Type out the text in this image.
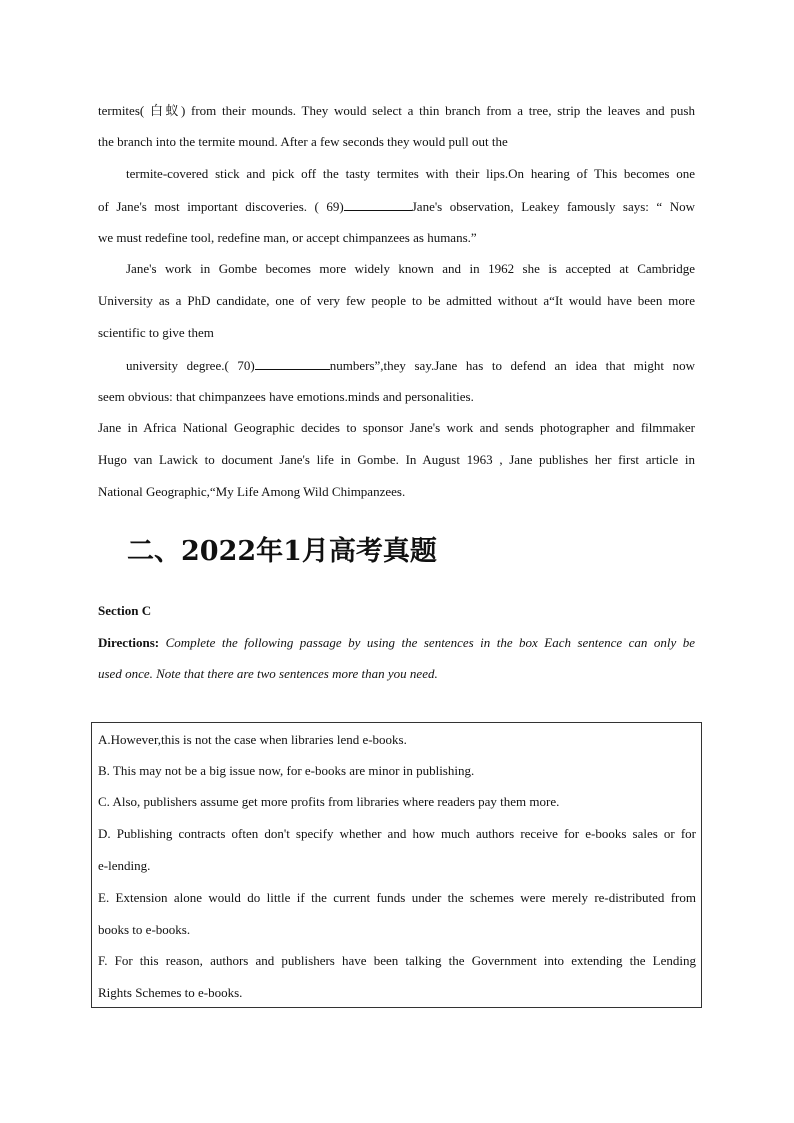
termites( 白蚁) from their mounds. They would select a thin branch from a tree, strip the leaves and push
the branch into the termite mound. After a few seconds they would pull out the
termite-covered stick and pick off the tasty termites with their lips.On hearing of This becomes one
of Jane's most important discoveries. ( 69)	Jane's observation, Leakey famously says: “ Now
we must redefine tool, redefine man, or accept chimpanzees as humans.”
Jane's work in Gombe becomes more widely known and in 1962 she is accepted at Cambridge
University as a PhD candidate, one of very few people to be admitted without a“It would have been more
scientific to give them
university degree.( 70)	numbers”,they say.Jane has to defend an idea that might now
seem obvious: that chimpanzees have emotions.minds and personalities.
Jane in Africa National Geographic decides to sponsor Jane's work and sends photographer and filmmaker
Hugo van Lawick to document Jane's life in Gombe. In August 1963 , Jane publishes her first article in
National Geographic,“My Life Among Wild Chimpanzees.
二、2022年1月高考真题
Section C
Directions: Complete the following passage by using the sentences in the box Each sentence can only be
used once. Note that there are two sentences more than you need.
A.However,this is not the case when libraries lend e-books.
B. This may not be a big issue now, for e-books are minor in publishing.
C. Also, publishers assume get more profits from libraries where readers pay them more.
D. Publishing contracts often don't specify whether and how much authors receive for e-books sales or for
e-lending.
E. Extension alone would do little if the current funds under the schemes were merely re-distributed from
books to e-books.
F. For this reason, authors and publishers have been talking the Government into extending the Lending
Rights Schemes to e-books.
